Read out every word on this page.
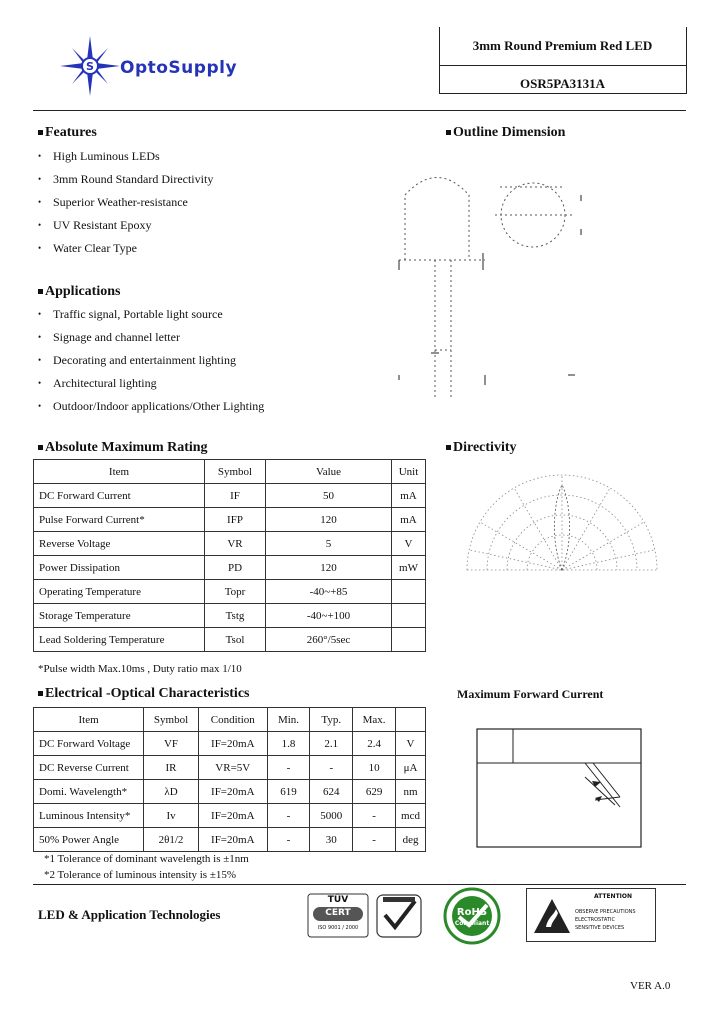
S OptoSupply
3mm Round Premium Red LED
OSR5PA3131A
Features
• High Luminous LEDs
• 3mm Round Standard Directivity
• Superior Weather-resistance
• UV Resistant Epoxy
• Water Clear Type
Applications
• Traffic signal, Portable light source
• Signage and channel letter
• Decorating and entertainment lighting
• Architectural lighting
• Outdoor/Indoor applications/Other Lighting
Outline Dimension
Directivity
Absolute Maximum Rating
Item	Symbol	Value	Unit
DC Forward Current	IF	50	mA
Pulse Forward Current*	IFP	120	mA
Reverse Voltage	VR	5	V
Power Dissipation	PD	120	mW
Operating Temperature	Topr	-40~+85	
Storage Temperature	Tstg	-40~+100	
Lead Soldering Temperature	Tsol	260°/5sec	
*Pulse width Max.10ms , Duty ratio max 1/10
Electrical -Optical Characteristics
Item	Symbol	Condition	Min.	Typ.	Max.	
DC Forward Voltage	VF	IF=20mA	1.8	2.1	2.4	V
DC Reverse Current	IR	VR=5V	-	-	10	μA
Domi. Wavelength*	λD	IF=20mA	619	624	629	nm
Luminous Intensity*	Iv	IF=20mA	-	5000	-	mcd
50% Power Angle	2θ1/2	IF=20mA	-	30	-	deg
*1 Tolerance of dominant wavelength is ±1nm
*2 Tolerance of luminous intensity is ±15%
Maximum Forward Current
LED & Application Technologies
TÜV
CERT
ISO 9001 / 2000
RoHS
Compliant
ATTENTION
OBSERVE PRECAUTIONS
ELECTROSTATIC
SENSITIVE DEVICES
VER A.0
